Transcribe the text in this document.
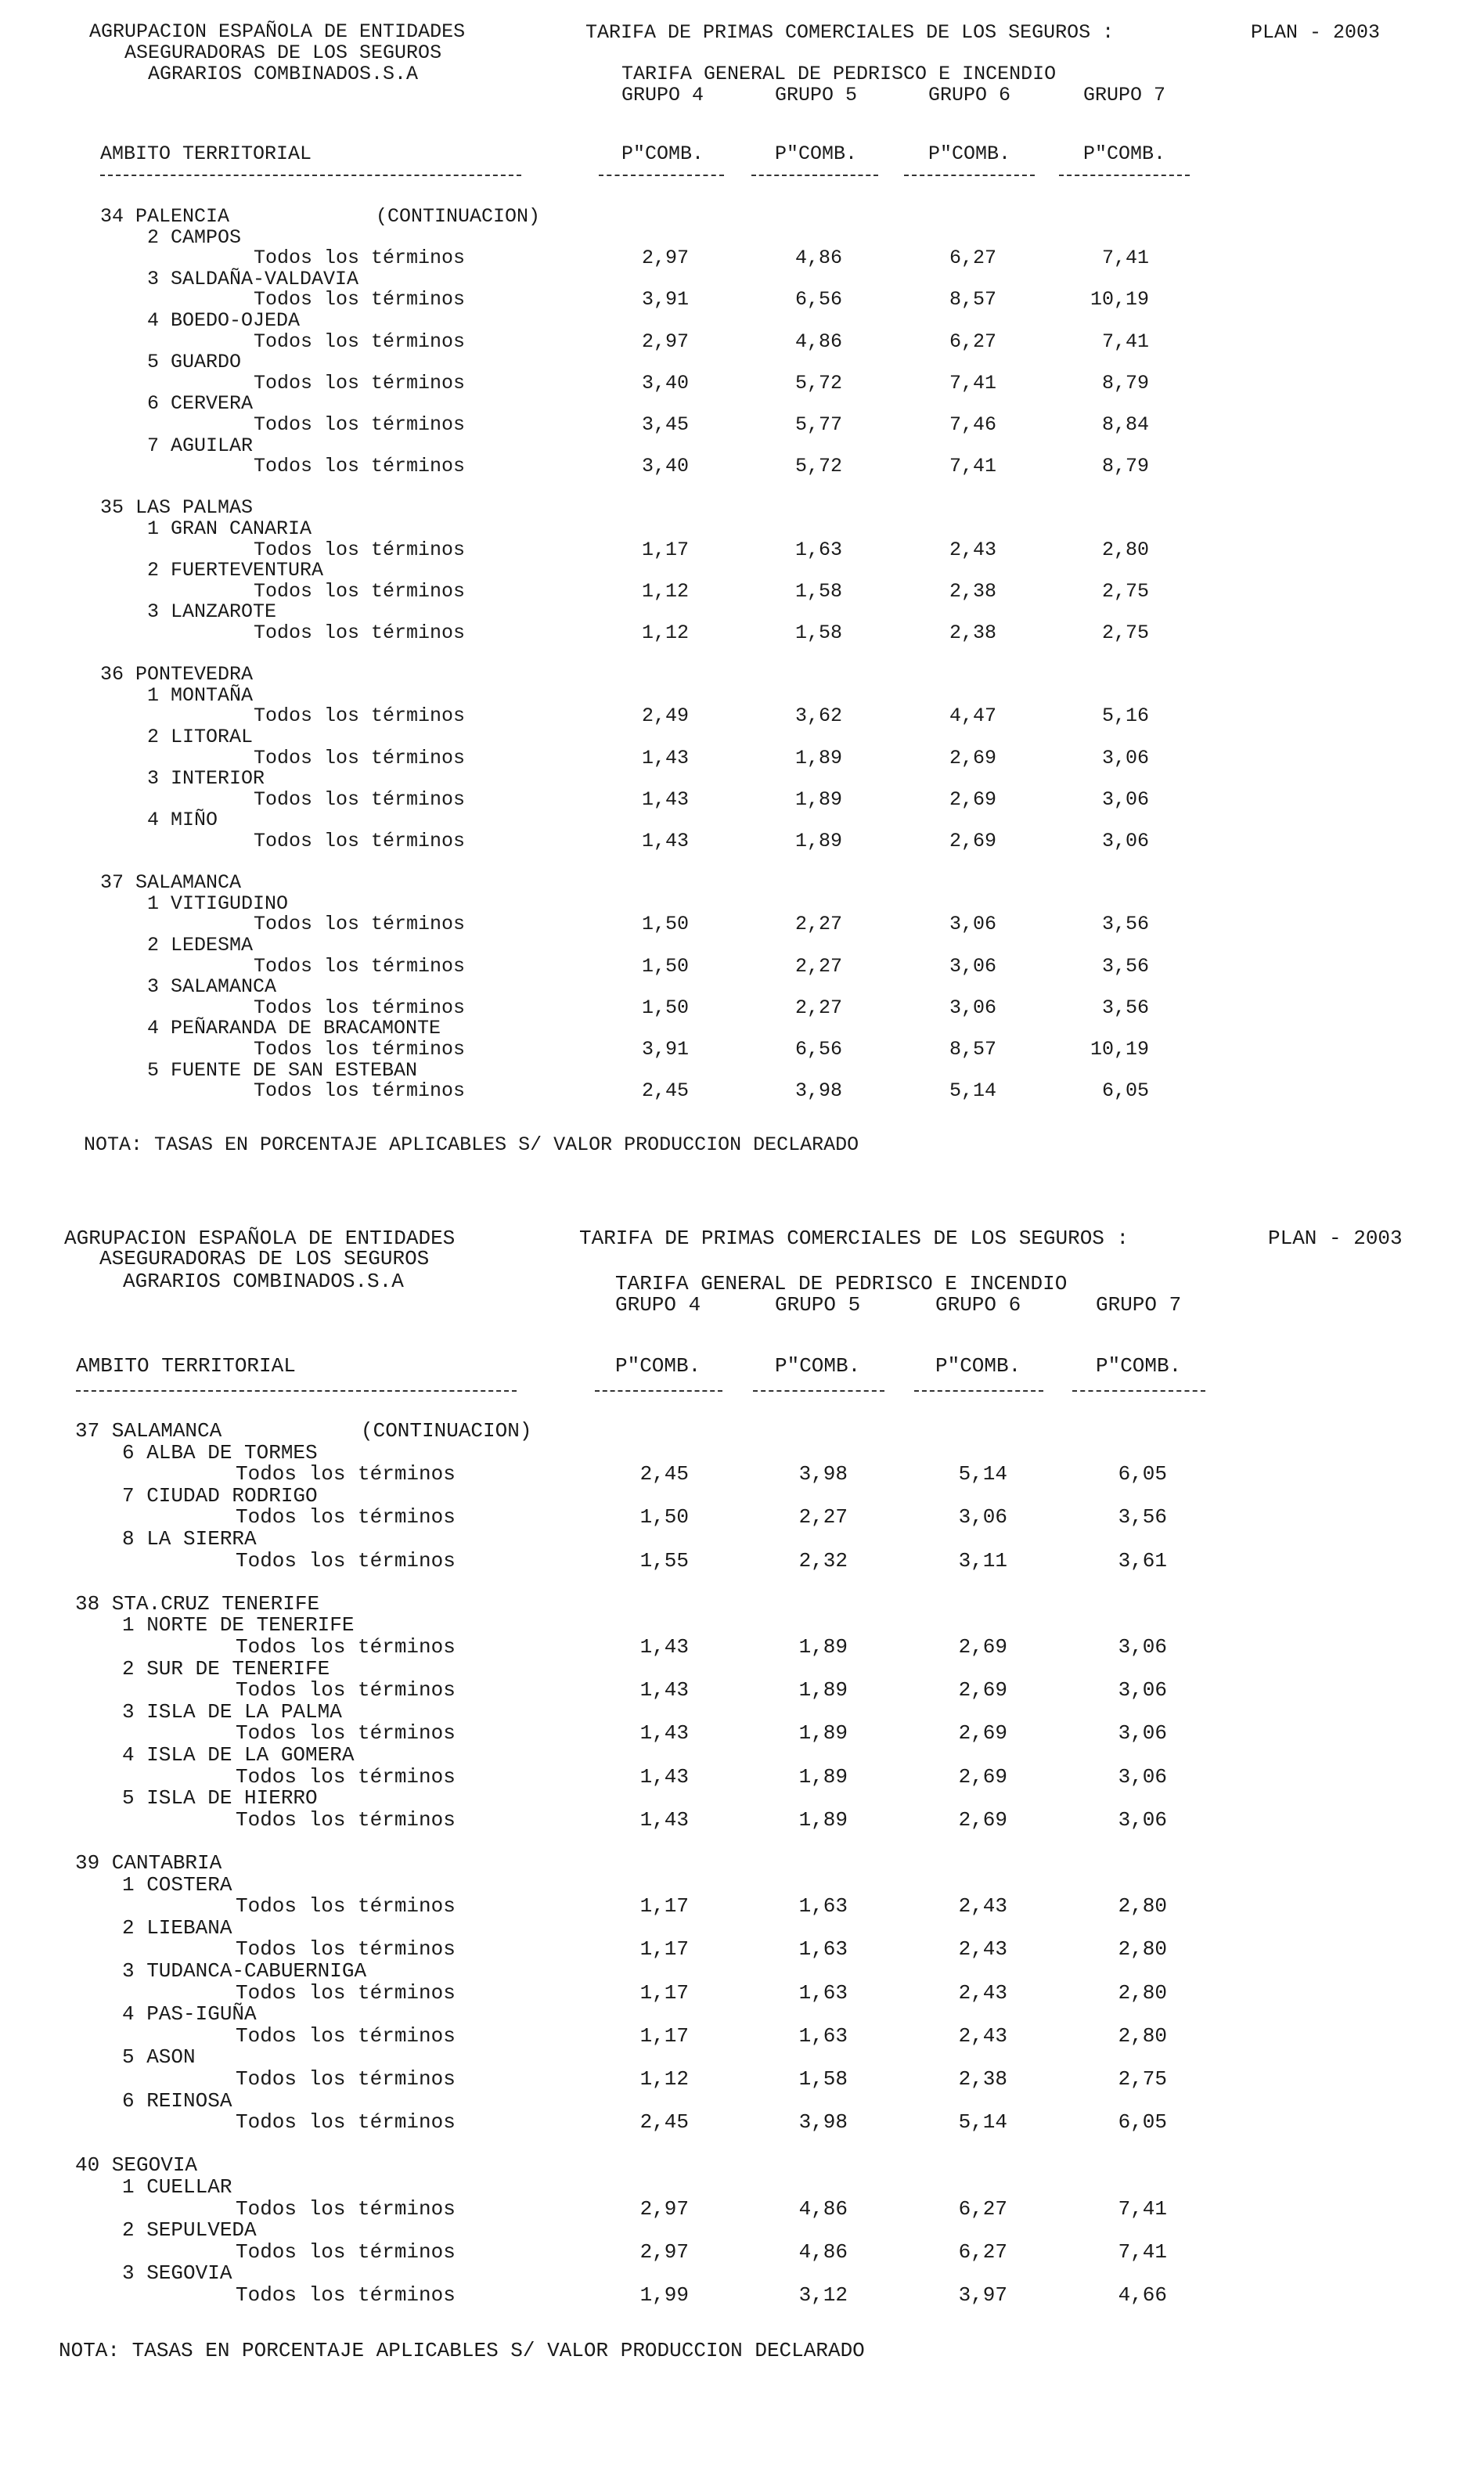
AGRUPACION ESPAÑOLA DE ENTIDADES
ASEGURADORAS DE LOS SEGUROS
AGRARIOS COMBINADOS.S.A
TARIFA DE PRIMAS COMERCIALES DE LOS SEGUROS :	PLAN - 2003
TARIFA GENERAL DE PEDRISCO E INCENDIO
GRUPO 4	GRUPO 5	GRUPO 6	GRUPO 7
AMBITO TERRITORIAL	P"COMB.	P"COMB.	P"COMB.	P"COMB.
34 PALENCIA	(CONTINUACION)
2 CAMPOS
Todos los términos	2,97	4,86	6,27	7,41
3 SALDAÑA-VALDAVIA
Todos los términos	3,91	6,56	8,57	10,19
4 BOEDO-OJEDA
Todos los términos	2,97	4,86	6,27	7,41
5 GUARDO
Todos los términos	3,40	5,72	7,41	8,79
6 CERVERA
Todos los términos	3,45	5,77	7,46	8,84
7 AGUILAR
Todos los términos	3,40	5,72	7,41	8,79
35 LAS PALMAS
1 GRAN CANARIA
Todos los términos	1,17	1,63	2,43	2,80
2 FUERTEVENTURA
Todos los términos	1,12	1,58	2,38	2,75
3 LANZAROTE
Todos los términos	1,12	1,58	2,38	2,75
36 PONTEVEDRA
1 MONTAÑA
Todos los términos	2,49	3,62	4,47	5,16
2 LITORAL
Todos los términos	1,43	1,89	2,69	3,06
3 INTERIOR
Todos los términos	1,43	1,89	2,69	3,06
4 MIÑO
Todos los términos	1,43	1,89	2,69	3,06
37 SALAMANCA
1 VITIGUDINO
Todos los términos	1,50	2,27	3,06	3,56
2 LEDESMA
Todos los términos	1,50	2,27	3,06	3,56
3 SALAMANCA
Todos los términos	1,50	2,27	3,06	3,56
4 PEÑARANDA DE BRACAMONTE
Todos los términos	3,91	6,56	8,57	10,19
5 FUENTE DE SAN ESTEBAN
Todos los términos	2,45	3,98	5,14	6,05
NOTA: TASAS EN PORCENTAJE APLICABLES S/ VALOR PRODUCCION DECLARADO
AGRUPACION ESPAÑOLA DE ENTIDADES
ASEGURADORAS DE LOS SEGUROS
AGRARIOS COMBINADOS.S.A
TARIFA DE PRIMAS COMERCIALES DE LOS SEGUROS :	PLAN - 2003
TARIFA GENERAL DE PEDRISCO E INCENDIO
GRUPO 4	GRUPO 5	GRUPO 6	GRUPO 7
AMBITO TERRITORIAL	P"COMB.	P"COMB.	P"COMB.	P"COMB.
37 SALAMANCA	(CONTINUACION)
6 ALBA DE TORMES
Todos los términos	2,45	3,98	5,14	6,05
7 CIUDAD RODRIGO
Todos los términos	1,50	2,27	3,06	3,56
8 LA SIERRA
Todos los términos	1,55	2,32	3,11	3,61
38 STA.CRUZ TENERIFE
1 NORTE DE TENERIFE
Todos los términos	1,43	1,89	2,69	3,06
2 SUR DE TENERIFE
Todos los términos	1,43	1,89	2,69	3,06
3 ISLA DE LA PALMA
Todos los términos	1,43	1,89	2,69	3,06
4 ISLA DE LA GOMERA
Todos los términos	1,43	1,89	2,69	3,06
5 ISLA DE HIERRO
Todos los términos	1,43	1,89	2,69	3,06
39 CANTABRIA
1 COSTERA
Todos los términos	1,17	1,63	2,43	2,80
2 LIEBANA
Todos los términos	1,17	1,63	2,43	2,80
3 TUDANCA-CABUERNIGA
Todos los términos	1,17	1,63	2,43	2,80
4 PAS-IGUÑA
Todos los términos	1,17	1,63	2,43	2,80
5 ASON
Todos los términos	1,12	1,58	2,38	2,75
6 REINOSA
Todos los términos	2,45	3,98	5,14	6,05
40 SEGOVIA
1 CUELLAR
Todos los términos	2,97	4,86	6,27	7,41
2 SEPULVEDA
Todos los términos	2,97	4,86	6,27	7,41
3 SEGOVIA
Todos los términos	1,99	3,12	3,97	4,66
NOTA: TASAS EN PORCENTAJE APLICABLES S/ VALOR PRODUCCION DECLARADO
